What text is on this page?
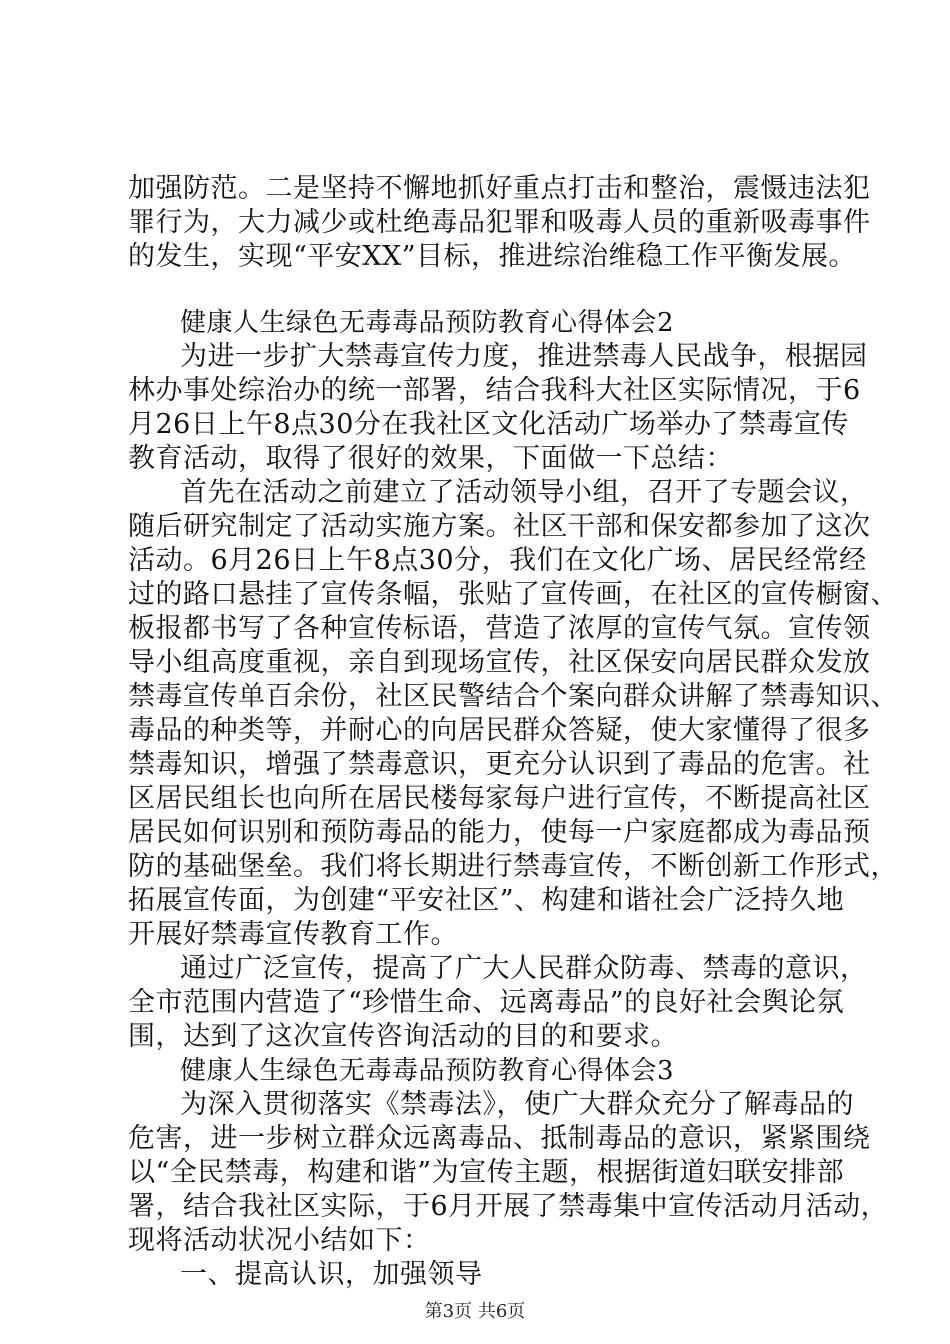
加强防范。二是坚持不懈地抓好重点打击和整治，震慑违法犯
罪行为，大力减少或杜绝毒品犯罪和吸毒人员的重新吸毒事件
的发生，实现“平安XX”目标，推进综治维稳工作平衡发展。
健康人生绿色无毒毒品预防教育心得体会2
为进一步扩大禁毒宣传力度，推进禁毒人民战争，根据园
林办事处综治办的统一部署，结合我科大社区实际情况，于6
月26日上午8点30分在我社区文化活动广场举办了禁毒宣传
教育活动，取得了很好的效果，下面做一下总结：
首先在活动之前建立了活动领导小组，召开了专题会议，
随后研究制定了活动实施方案。社区干部和保安都参加了这次
活动。6月26日上午8点30分，我们在文化广场、居民经常经
过的路口悬挂了宣传条幅，张贴了宣传画，在社区的宣传橱窗、
板报都书写了各种宣传标语，营造了浓厚的宣传气氛。宣传领
导小组高度重视，亲自到现场宣传，社区保安向居民群众发放
禁毒宣传单百余份，社区民警结合个案向群众讲解了禁毒知识、
毒品的种类等，并耐心的向居民群众答疑，使大家懂得了很多
禁毒知识，增强了禁毒意识，更充分认识到了毒品的危害。社
区居民组长也向所在居民楼每家每户进行宣传，不断提高社区
居民如何识别和预防毒品的能力，使每一户家庭都成为毒品预
防的基础堡垒。我们将长期进行禁毒宣传，不断创新工作形式，
拓展宣传面，为创建“平安社区”、构建和谐社会广泛持久地
开展好禁毒宣传教育工作。
通过广泛宣传，提高了广大人民群众防毒、禁毒的意识，
全市范围内营造了“珍惜生命、远离毒品”的良好社会舆论氛
围，达到了这次宣传咨询活动的目的和要求。
健康人生绿色无毒毒品预防教育心得体会3
为深入贯彻落实《禁毒法》，使广大群众充分了解毒品的
危害，进一步树立群众远离毒品、抵制毒品的意识，紧紧围绕
以“全民禁毒，构建和谐”为宣传主题，根据街道妇联安排部
署，结合我社区实际，于6月开展了禁毒集中宣传活动月活动，
现将活动状况小结如下：
一、提高认识，加强领导
第3页 共6页
